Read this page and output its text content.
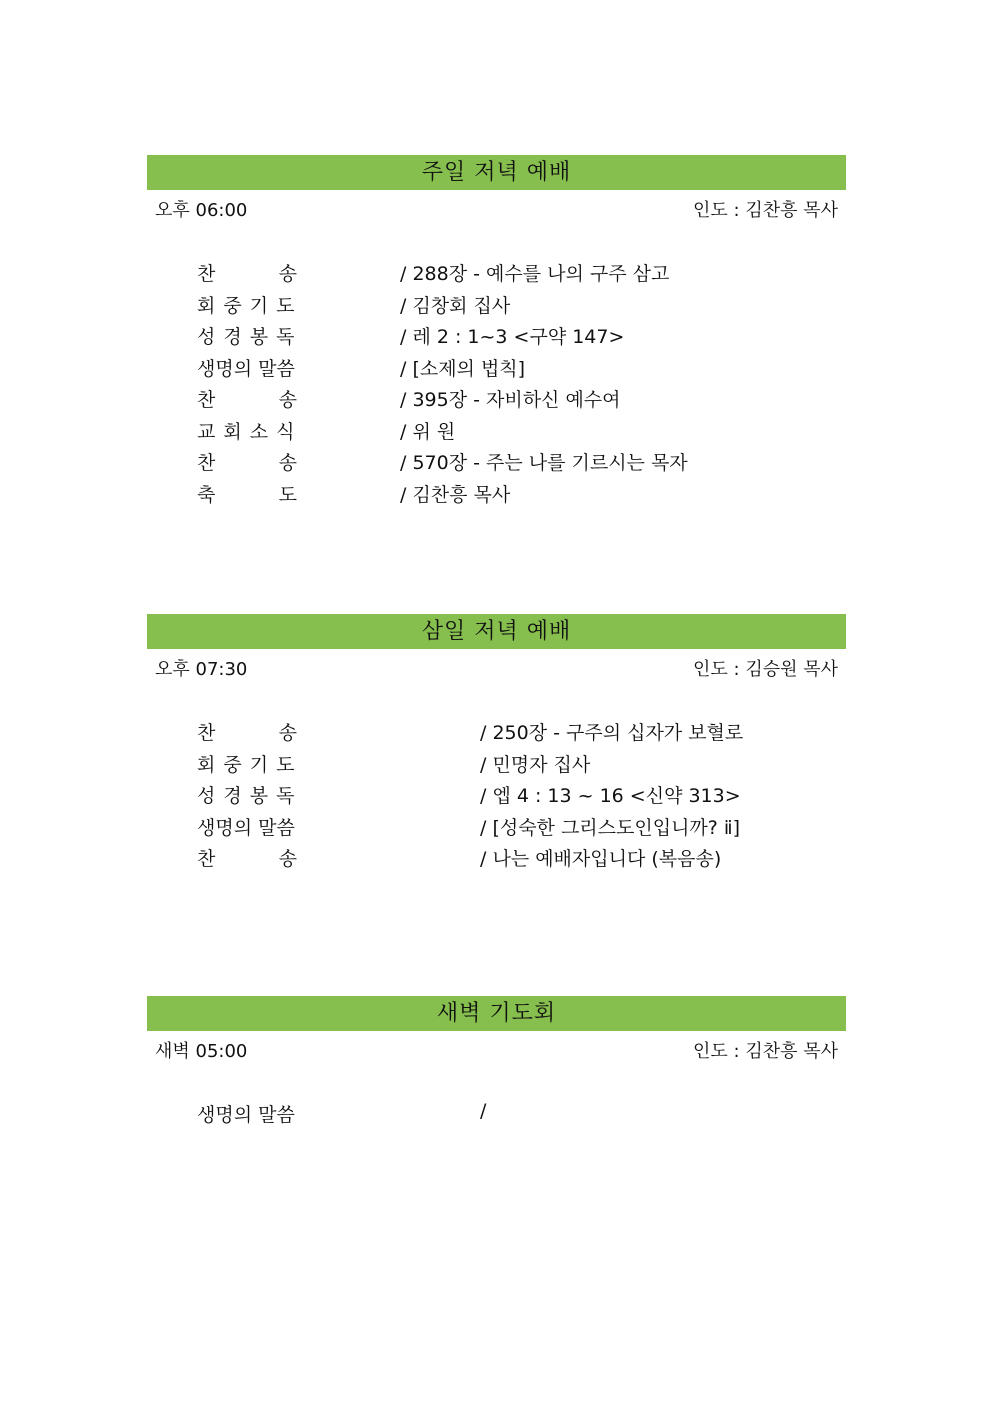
주일 저녁 예배
오후 06:00	인도 : 김찬흥 목사
찬	송	/ 288장 - 예수를 나의 구주 삼고
회 중 기 도	/ 김창회 집사
성 경 봉 독	/ 레 2 : 1~3 <구약 147>
생명의 말씀	/ [소제의 법칙]
찬	송	/ 395장 - 자비하신 예수여
교 회 소 식	/ 위 원
찬	송	/ 570장 - 주는 나를 기르시는 목자
축	도	/ 김찬흥 목사
삼일 저녁 예배
오후 07:30	인도 : 김승원 목사
찬	송	/ 250장 - 구주의 십자가 보혈로
회 중 기 도	/ 민명자 집사
성 경 봉 독	/ 엡 4 : 13 ~ 16 <신약 313>
생명의 말씀	/ [성숙한 그리스도인입니까? ⅱ]
찬	송	/ 나는 예배자입니다 (복음송)
새벽 기도회
새벽 05:00	인도 : 김찬흥 목사
생명의 말씀	/
